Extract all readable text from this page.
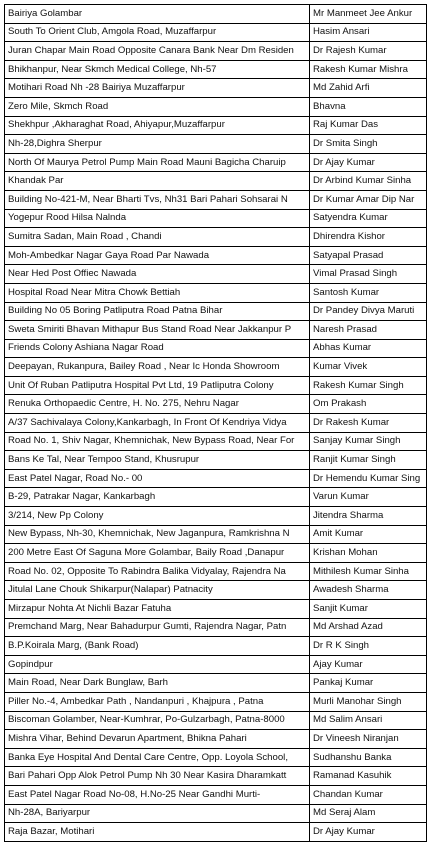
Bairiya Golambar	Mr Manmeet Jee Ankur
South To Orient Club, Amgola Road, Muzaffarpur	Hasim Ansari
Juran Chapar Main Road Opposite Canara Bank Near Dm Residen	Dr Rajesh Kumar
Bhikhanpur, Near Skmch Medical College, Nh-57	Rakesh Kumar Mishra
Motihari Road Nh -28 Bairiya Muzaffarpur	Md Zahid Arfi
Zero Mile, Skmch Road	Bhavna
Shekhpur ,Akharaghat Road, Ahiyapur,Muzaffarpur	Raj Kumar Das
Nh-28,Dighra Sherpur	Dr Smita Singh
North Of Maurya Petrol Pump Main Road Mauni Bagicha Charuip	Dr Ajay Kumar
Khandak Par	Dr Arbind Kumar Sinha
Building No-421-M, Near Bharti Tvs, Nh31 Bari Pahari Sohsarai N	Dr Kumar Amar Dip Nar
Yogepur Rood Hilsa Nalnda	Satyendra Kumar
Sumitra Sadan, Main Road , Chandi	Dhirendra Kishor
Moh-Ambedkar Nagar Gaya Road Par Nawada	Satyapal Prasad
Near Hed Post Offiec Nawada	Vimal Prasad Singh
Hospital Road Near Mitra Chowk Bettiah	Santosh Kumar
Building No 05 Boring Patliputra Road Patna Bihar	Dr Pandey Divya Maruti
Sweta Smiriti Bhavan Mithapur Bus Stand Road Near Jakkanpur P	Naresh Prasad
Friends Colony Ashiana Nagar Road	Abhas Kumar
Deepayan, Rukanpura, Bailey Road , Near Ic Honda Showroom	Kumar Vivek
Unit Of Ruban Patliputra Hospital Pvt Ltd, 19 Patliputra Colony	Rakesh Kumar Singh
Renuka Orthopaedic Centre, H. No. 275, Nehru Nagar	Om Prakash
A/37 Sachivalaya Colony,Kankarbagh, In Front Of Kendriya Vidya	Dr Rakesh Kumar
Road No. 1, Shiv Nagar, Khemnichak, New Bypass Road, Near For	Sanjay Kumar Singh
Bans Ke Tal, Near Tempoo Stand, Khusrupur	Ranjit Kumar Singh
East Patel Nagar, Road No.- 00	Dr Hemendu Kumar Sing
B-29, Patrakar Nagar, Kankarbagh	Varun Kumar
3/214, New Pp Colony	Jitendra Sharma
New Bypass, Nh-30, Khemnichak, New Jaganpura, Ramkrishna N	Amit Kumar
200 Metre East Of Saguna More Golambar, Baily Road ,Danapur	Krishan Mohan
Road No. 02, Opposite To Rabindra Balika Vidyalay, Rajendra Na	Mithilesh Kumar Sinha
Jitulal Lane Chouk Shikarpur(Nalapar) Patnacity	Awadesh Sharma
Mirzapur Nohta At Nichli Bazar Fatuha	Sanjit Kumar
Premchand Marg, Near Bahadurpur Gumti, Rajendra Nagar, Patn	Md Arshad Azad
B.P.Koirala Marg, (Bank Road)	Dr R K Singh
Gopindpur	Ajay Kumar
Main Road, Near Dark Bunglaw, Barh	Pankaj Kumar
Piller No.-4, Ambedkar Path , Nandanpuri , Khajpura , Patna	Murli Manohar Singh
Biscoman Golamber, Near-Kumhrar, Po-Gulzarbagh, Patna-8000	Md Salim Ansari
Mishra Vihar, Behind Devarun Apartment, Bhikna Pahari	Dr Vineesh Niranjan
Banka Eye Hospital And Dental Care Centre, Opp. Loyola School,	Sudhanshu Banka
Bari Pahari Opp Alok Petrol Pump Nh 30 Near Kasira Dharamkatt	Ramanad Kasuhik
East Patel Nagar Road No-08, H.No-25 Near Gandhi Murti-	Chandan Kumar
Nh-28A, Bariyarpur	Md Seraj Alam
Raja Bazar, Motihari	Dr Ajay Kumar
